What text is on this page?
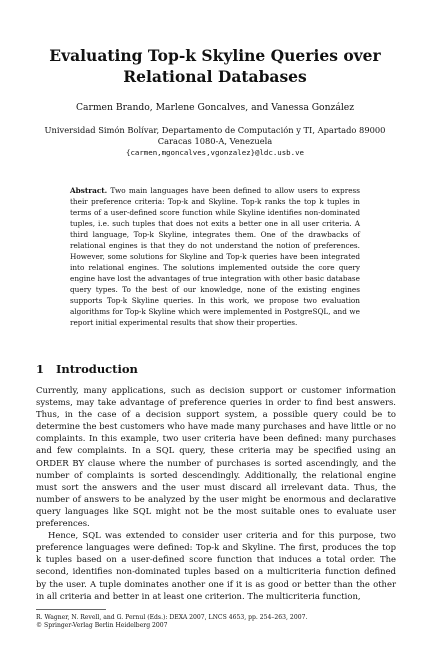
Evaluating Top-k Skyline Queries over
Relational Databases
Carmen Brando, Marlene Goncalves, and Vanessa González
Universidad Simón Bolívar, Departamento de Computación y TI, Apartado 89000
Caracas 1080-A, Venezuela
{carmen,mgoncalves,vgonzalez}@ldc.usb.ve
Abstract. Two main languages have been defined to allow users to express their preference criteria: Top-k and Skyline. Top-k ranks the top k tuples in terms of a user-defined score function while Skyline identifies non-dominated tuples, i.e. such tuples that does not exits a better one in all user criteria. A third language, Top-k Skyline, integrates them. One of the drawbacks of relational engines is that they do not understand the notion of preferences. However, some solutions for Skyline and Top-k queries have been integrated into relational engines. The solutions implemented outside the core query engine have lost the advantages of true integration with other basic database query types. To the best of our knowledge, none of the existing engines supports Top-k Skyline queries. In this work, we propose two evaluation algorithms for Top-k Skyline which were implemented in PostgreSQL, and we report initial experimental results that show their properties.
1 Introduction

Currently, many applications, such as decision support or customer information systems, may take advantage of preference queries in order to find best answers. Thus, in the case of a decision support system, a possible query could be to determine the best customers who have made many purchases and have little or no complaints. In this example, two user criteria have been defined: many purchases and few complaints. In a SQL query, these criteria may be specified using an ORDER BY clause where the number of purchases is sorted ascendingly, and the number of complaints is sorted descendingly. Additionally, the relational engine must sort the answers and the user must discard all irrelevant data. Thus, the number of answers to be analyzed by the user might be enormous and declarative query languages like SQL might not be the most suitable ones to evaluate user preferences.

Hence, SQL was extended to consider user criteria and for this purpose, two preference languages were defined: Top-k and Skyline. The first, produces the top k tuples based on a user-defined score function that induces a total order. The second, identifies non-dominated tuples based on a multicriteria function defined by the user. A tuple dominates another one if it is as good or better than the other in all criteria and better in at least one criterion. The multicriteria function,

R. Wagner, N. Revell, and G. Pernul (Eds.): DEXA 2007, LNCS 4653, pp. 254–263, 2007.
© Springer-Verlag Berlin Heidelberg 2007
